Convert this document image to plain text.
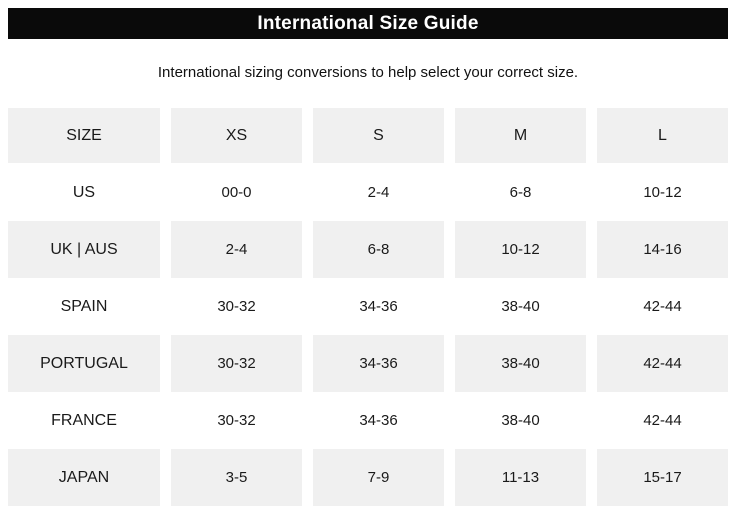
International Size Guide
International sizing conversions to help select your correct size.
SIZE	XS	S	M	L
US	00-0	2-4	6-8	10-12
UK | AUS	2-4	6-8	10-12	14-16
SPAIN	30-32	34-36	38-40	42-44
PORTUGAL	30-32	34-36	38-40	42-44
FRANCE	30-32	34-36	38-40	42-44
JAPAN	3-5	7-9	11-13	15-17
